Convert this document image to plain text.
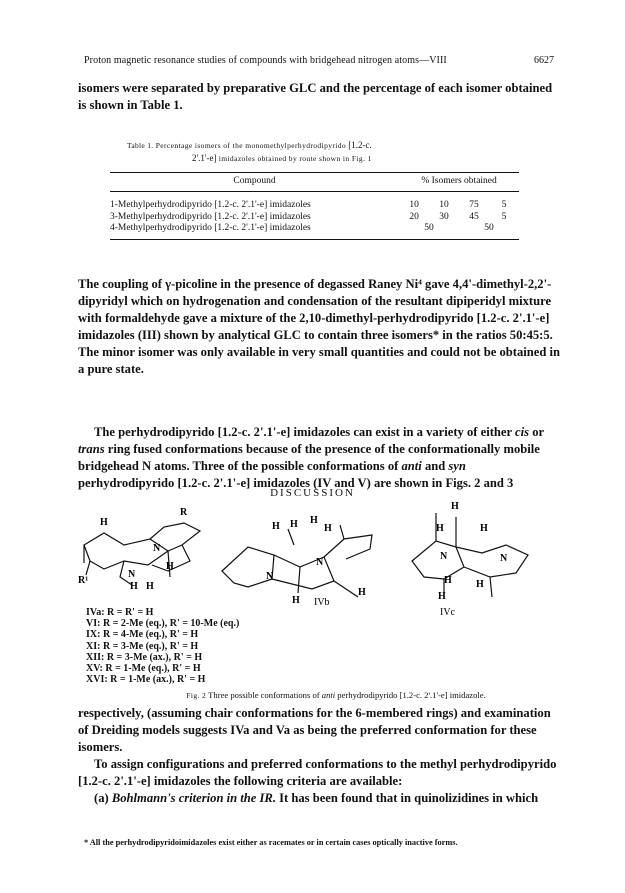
Proton magnetic resonance studies of compounds with bridgehead nitrogen atoms—VIII	6627

isomers were separated by preparative GLC and the percentage of each isomer obtained is shown in Table 1.

Table 1. Percentage isomers of the monomethylperhydrodipyrido [1.2-c.
2'.1'-e] imidazoles obtained by route shown in Fig. 1
Compound	% Isomers obtained			
1-Methylperhydrodipyrido [1.2-c. 2'.1'-e] imidazoles	10	10	75	5
3-Methylperhydrodipyrido [1.2-c. 2'.1'-e] imidazoles	20	30	45	5
4-Methylperhydrodipyrido [1.2-c. 2'.1'-e] imidazoles	50		50	

The coupling of γ-picoline in the presence of degassed Raney Ni⁴ gave 4,4'-dimethyl-2,2'-dipyridyl which on hydrogenation and condensation of the resultant dipiperidyl mixture with formaldehyde gave a mixture of the 2,10-dimethyl-perhydrodipyrido [1.2-c. 2'.1'-e] imidazoles (III) shown by analytical GLC to contain three isomers* in the ratios 50:45:5. The minor isomer was only available in very small quantities and could not be obtained in a pure state.

DISCUSSION

The perhydrodipyrido [1.2-c. 2'.1'-e] imidazoles can exist in a variety of either cis or trans ring fused conformations because of the presence of the conformationally mobile bridgehead N atoms. Three of the possible conformations of anti and syn perhydrodipyrido [1.2-c. 2'.1'-e] imidazoles (IV and V) are shown in Figs. 2 and 3

R
H
N
H
R¹
N
H H
H H H
H
N
N
H
H
IVb
H
H	H
N	N
H H
H
IVc
IVa: R = R' = H
VI: R = 2-Me (eq.), R' = 10-Me (eq.)
IX: R = 4-Me (eq.), R' = H
XI: R = 3-Me (eq.), R' = H
XII: R = 3-Me (ax.), R' = H
XV: R = 1-Me (eq.), R' = H
XVI: R = 1-Me (ax.), R' = H
Fig. 2 Three possible conformations of anti perhydrodipyrido [1.2-c. 2'.1'-e] imidazole.

respectively, (assuming chair conformations for the 6-membered rings) and examination of Dreiding models suggests IVa and Va as being the preferred conformation for these isomers.

To assign configurations and preferred conformations to the methyl perhydrodipyrido [1.2-c. 2'.1'-e] imidazoles the following criteria are available:

(a) Bohlmann's criterion in the IR. It has been found that in quinolizidines in which

* All the perhydrodipyridoimidazoles exist either as racemates or in certain cases optically inactive forms.
